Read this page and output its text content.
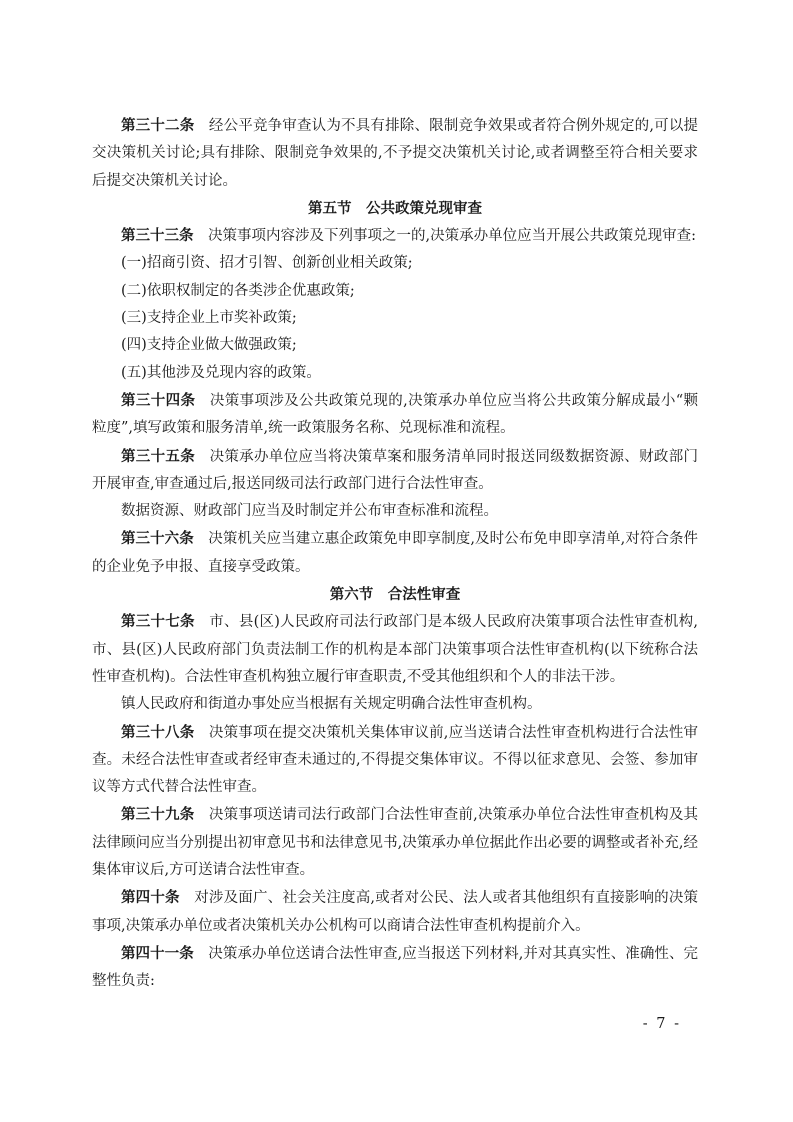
第三十二条 经公平竞争审查认为不具有排除、限制竞争效果或者符合例外规定的,可以提交决策机关讨论;具有排除、限制竞争效果的,不予提交决策机关讨论,或者调整至符合相关要求后提交决策机关讨论。

第五节 公共政策兑现审查

第三十三条 决策事项内容涉及下列事项之一的,决策承办单位应当开展公共政策兑现审查:

(一)招商引资、招才引智、创新创业相关政策;

(二)依职权制定的各类涉企优惠政策;

(三)支持企业上市奖补政策;

(四)支持企业做大做强政策;

(五)其他涉及兑现内容的政策。

第三十四条 决策事项涉及公共政策兑现的,决策承办单位应当将公共政策分解成最小“颗粒度”,填写政策和服务清单,统一政策服务名称、兑现标准和流程。

第三十五条 决策承办单位应当将决策草案和服务清单同时报送同级数据资源、财政部门开展审查,审查通过后,报送同级司法行政部门进行合法性审查。

数据资源、财政部门应当及时制定并公布审查标准和流程。

第三十六条 决策机关应当建立惠企政策免申即享制度,及时公布免申即享清单,对符合条件的企业免予申报、直接享受政策。

第六节 合法性审查

第三十七条 市、县(区)人民政府司法行政部门是本级人民政府决策事项合法性审查机构,市、县(区)人民政府部门负责法制工作的机构是本部门决策事项合法性审查机构(以下统称合法性审查机构)。合法性审查机构独立履行审查职责,不受其他组织和个人的非法干涉。

镇人民政府和街道办事处应当根据有关规定明确合法性审查机构。

第三十八条 决策事项在提交决策机关集体审议前,应当送请合法性审查机构进行合法性审查。未经合法性审查或者经审查未通过的,不得提交集体审议。不得以征求意见、会签、参加审议等方式代替合法性审查。

第三十九条 决策事项送请司法行政部门合法性审查前,决策承办单位合法性审查机构及其法律顾问应当分别提出初审意见书和法律意见书,决策承办单位据此作出必要的调整或者补充,经集体审议后,方可送请合法性审查。

第四十条 对涉及面广、社会关注度高,或者对公民、法人或者其他组织有直接影响的决策事项,决策承办单位或者决策机关办公机构可以商请合法性审查机构提前介入。

第四十一条 决策承办单位送请合法性审查,应当报送下列材料,并对其真实性、准确性、完整性负责:

- 7 -
